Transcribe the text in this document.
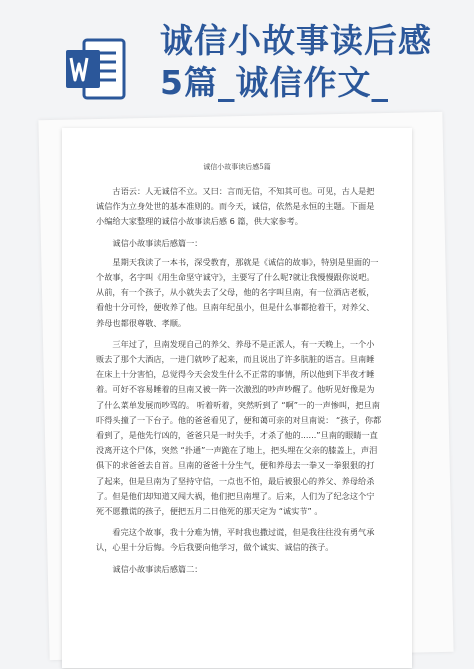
诚信小故事读后感
5篇_诚信作文_
诚信小故事读后感5篇

古语云：人无诚信不立。又曰：言而无信，不知其可也。可见，古人是把诚信作为立身处世的基本准则的。而今天，诚信，依然是永恒的主题。下面是小编给大家整理的诚信小故事读后感 6 篇，供大家参考。

诚信小故事读后感篇一：

星期天我读了一本书，深受教育，那就是《诚信的故事》，特别是里面的一个故事，名字叫《用生命坚守诚守》，主要写了什么呢?就让我慢慢跟你说吧。 从前，有一个孩子，从小就失去了父母，他的名字叫旦南，有一位酒店老板，看他十分可怜，便收养了他。旦南年纪虽小，但是什么事都抢着干，对养父、养母也都很尊敬、孝顺。

三年过了，旦南发现自己的养父、养母不是正派人，有一天晚上，一个小贩去了那个大酒店，一进门就吵了起来，而且说出了许多肮脏的语言。旦南睡在床上十分害怕，总觉得今天会发生什么不正常的事情，所以他到下半夜才睡着。可好不容易睡着的旦南又被一阵一次激烈的吵声吵醒了。他听见好像是为了什么菜单发展而吵骂的。 听着听着，突然听到了 “啊”一的一声惨叫，把旦南吓得头撞了一下台子。他的爸爸看见了，便和蔼可亲的对旦南说： “孩子，你都看到了，是他先行凶的，爸爸只是一时失手，才杀了他的......”旦南的眼睛一直没离开这个尸体，突然 “扑通”一声跪在了地上，把头埋在父亲的膝盖上，声泪俱下的求爸爸去自首。旦南的爸爸十分生气，便和养母去一拳又一拳狠狠的打了起来，但是旦南为了坚持守信，一点也不怕，最后被狠心的养父、养母给杀了。但是他们却知道又闯大祸，他们把旦南埋了。后来，人们为了纪念这个宁死不愿撒谎的孩子，便把五月二日他死的那天定为 “诚实节” 。

看完这个故事，我十分难为情，平时我也撒过谎，但是我往往没有勇气承认，心里十分后悔。今后我要向他学习，做个诚实、诚信的孩子。

诚信小故事读后感篇二：
